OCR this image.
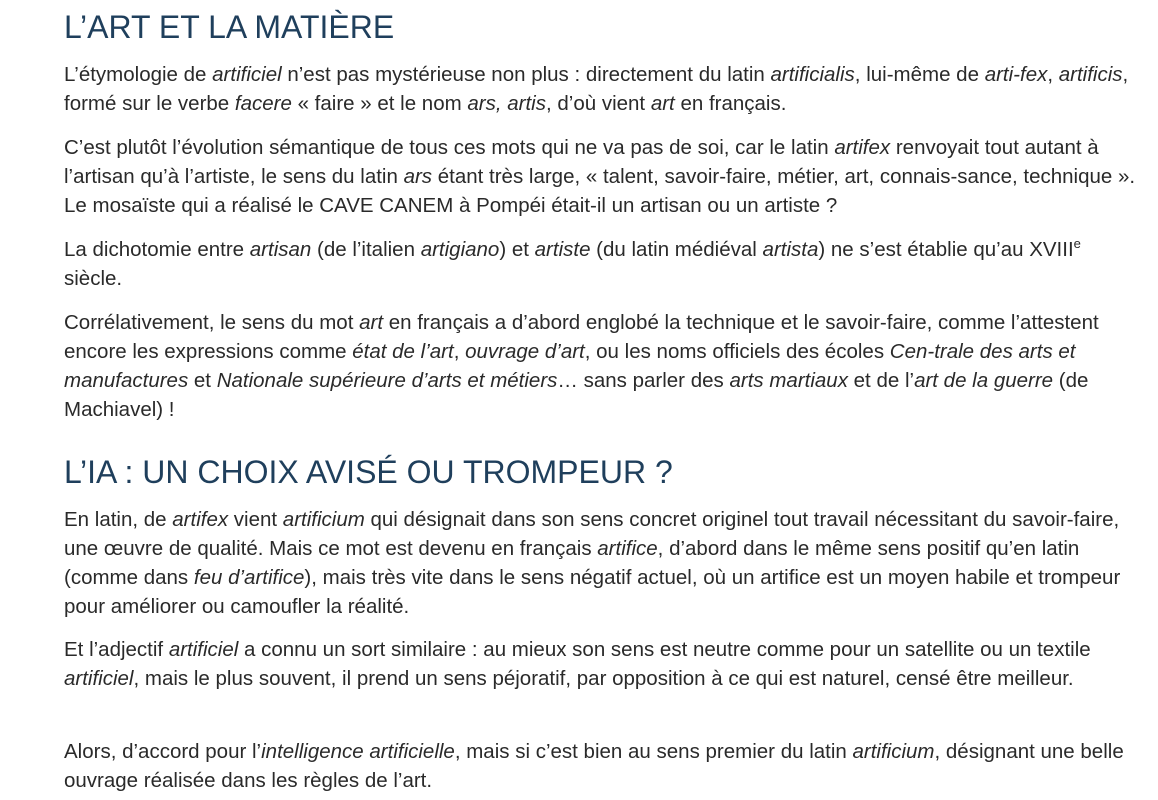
L’ART ET LA MATIÈRE

L’étymologie de artificiel n’est pas mystérieuse non plus : directement du latin artificialis, lui-même de arti-fex, artificis, formé sur le verbe facere « faire » et le nom ars, artis, d’où vient art en français.

C’est plutôt l’évolution sémantique de tous ces mots qui ne va pas de soi, car le latin artifex renvoyait tout autant à l’artisan qu’à l’artiste, le sens du latin ars étant très large, « talent, savoir-faire, métier, art, connais-sance, technique ». Le mosaïste qui a réalisé le CAVE CANEM à Pompéi était-il un artisan ou un artiste ?

La dichotomie entre artisan (de l’italien artigiano) et artiste (du latin médiéval artista) ne s’est établie qu’au XVIIIe siècle.

Corrélativement, le sens du mot art en français a d’abord englobé la technique et le savoir-faire, comme l’attestent encore les expressions comme état de l’art, ouvrage d’art, ou les noms officiels des écoles Cen-trale des arts et manufactures et Nationale supérieure d’arts et métiers… sans parler des arts martiaux et de l’art de la guerre (de Machiavel) !

L’IA : UN CHOIX AVISÉ OU TROMPEUR ?

En latin, de artifex vient artificium qui désignait dans son sens concret originel tout travail nécessitant du savoir-faire, une œuvre de qualité. Mais ce mot est devenu en français artifice, d’abord dans le même sens positif qu’en latin (comme dans feu d’artifice), mais très vite dans le sens négatif actuel, où un artifice est un moyen habile et trompeur pour améliorer ou camoufler la réalité.

Et l’adjectif artificiel a connu un sort similaire : au mieux son sens est neutre comme pour un satellite ou un textile artificiel, mais le plus souvent, il prend un sens péjoratif, par opposition à ce qui est naturel, censé être meilleur.

Alors, d’accord pour l’intelligence artificielle, mais si c’est bien au sens premier du latin artificium, désignant une belle ouvrage réalisée dans les règles de l’art.
